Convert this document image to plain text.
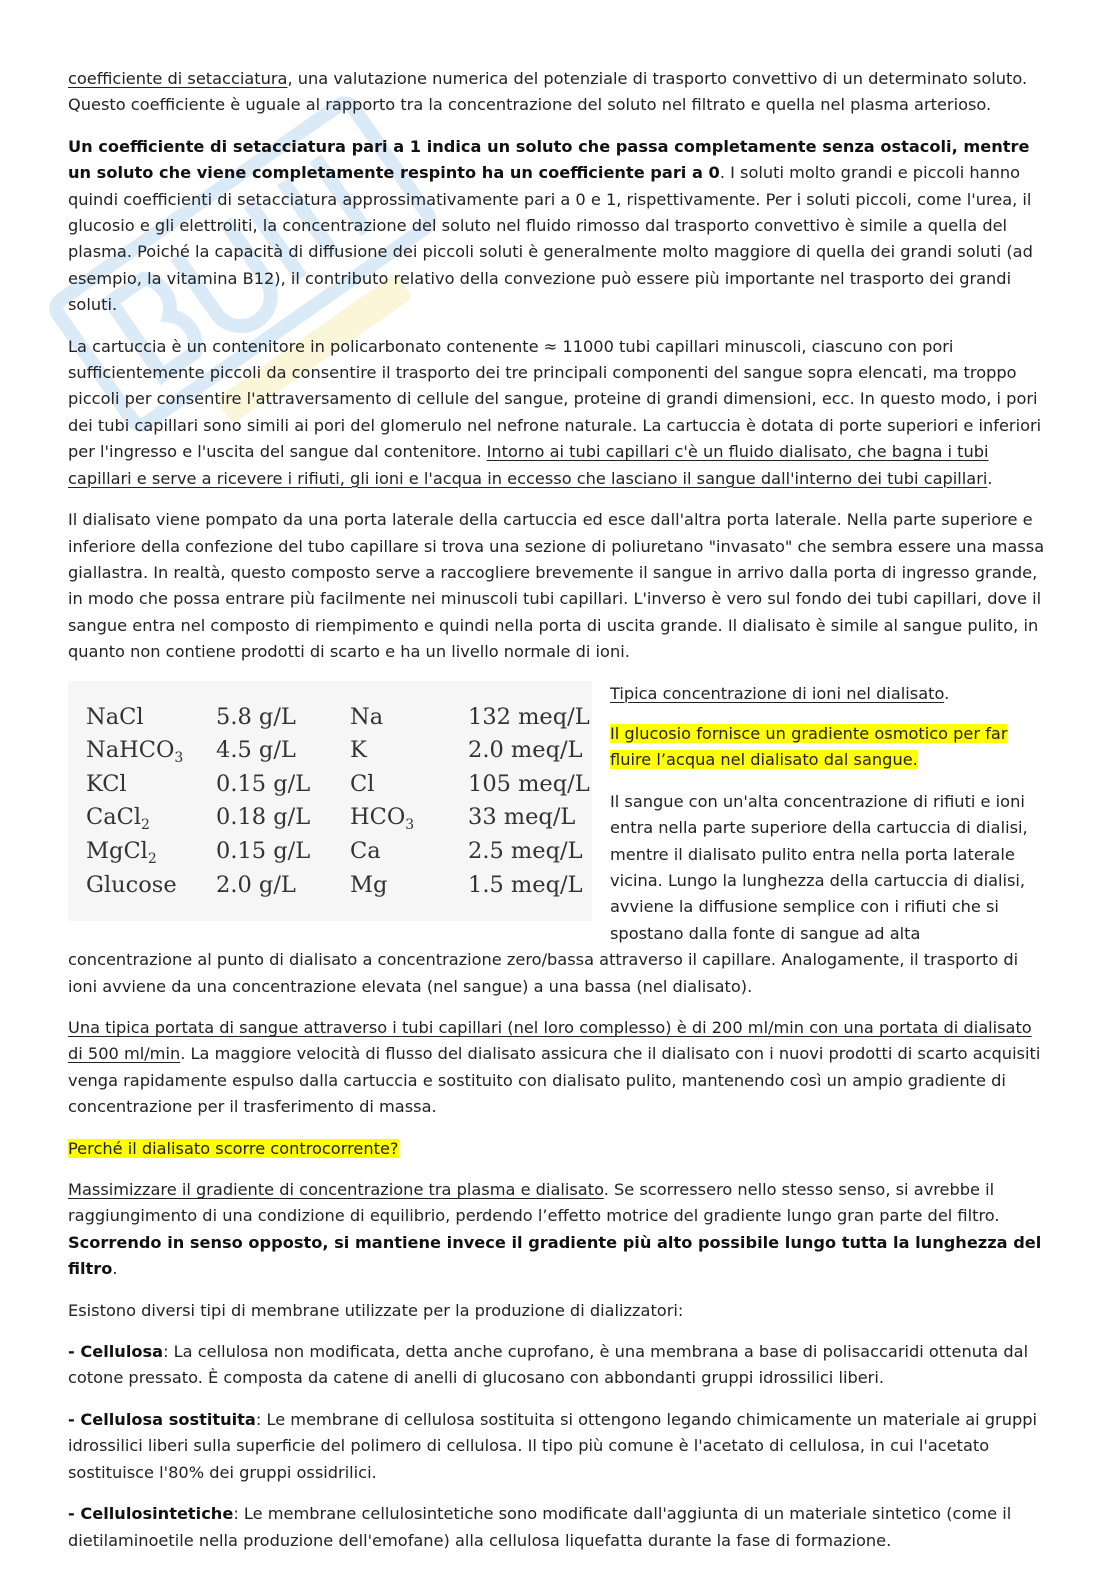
coefficiente di setacciatura, una valutazione numerica del potenziale di trasporto convettivo di un determinato soluto. Questo coefficiente è uguale al rapporto tra la concentrazione del soluto nel filtrato e quella nel plasma arterioso.

Un coefficiente di setacciatura pari a 1 indica un soluto che passa completamente senza ostacoli, mentre un soluto che viene completamente respinto ha un coefficiente pari a 0. I soluti molto grandi e piccoli hanno quindi coefficienti di setacciatura approssimativamente pari a 0 e 1, rispettivamente. Per i soluti piccoli, come l'urea, il glucosio e gli elettroliti, la concentrazione del soluto nel fluido rimosso dal trasporto convettivo è simile a quella del plasma. Poiché la capacità di diffusione dei piccoli soluti è generalmente molto maggiore di quella dei grandi soluti (ad esempio, la vitamina B12), il contributo relativo della convezione può essere più importante nel trasporto dei grandi soluti.

La cartuccia è un contenitore in policarbonato contenente ≈ 11000 tubi capillari minuscoli, ciascuno con pori sufficientemente piccoli da consentire il trasporto dei tre principali componenti del sangue sopra elencati, ma troppo piccoli per consentire l'attraversamento di cellule del sangue, proteine di grandi dimensioni, ecc. In questo modo, i pori dei tubi capillari sono simili ai pori del glomerulo nel nefrone naturale. La cartuccia è dotata di porte superiori e inferiori per l'ingresso e l'uscita del sangue dal contenitore. Intorno ai tubi capillari c'è un fluido dialisato, che bagna i tubi capillari e serve a ricevere i rifiuti, gli ioni e l'acqua in eccesso che lasciano il sangue dall'interno dei tubi capillari.

Il dialisato viene pompato da una porta laterale della cartuccia ed esce dall'altra porta laterale. Nella parte superiore e inferiore della confezione del tubo capillare si trova una sezione di poliuretano "invasato" che sembra essere una massa giallastra. In realtà, questo composto serve a raccogliere brevemente il sangue in arrivo dalla porta di ingresso grande, in modo che possa entrare più facilmente nei minuscoli tubi capillari. L'inverso è vero sul fondo dei tubi capillari, dove il sangue entra nel composto di riempimento e quindi nella porta di uscita grande. Il dialisato è simile al sangue pulito, in quanto non contiene prodotti di scarto e ha un livello normale di ioni.

NaCl	5.8 g/L	Na	132 meq/L
NaHCO$_3$	4.5 g/L	K	2.0 meq/L
KCl	0.15 g/L	Cl	105 meq/L
CaCl$_2$	0.18 g/L	$HCO_3$	33 meq/L
MgCl$_2$	0.15 g/L	Ca	2.5 meq/L
Glucose	2.0 g/L	Mg	1.5 meq/L

Tipica concentrazione di ioni nel dialisato.

Il glucosio fornisce un gradiente osmotico per far fluire l’acqua nel dialisato dal sangue.

Il sangue con un'alta concentrazione di rifiuti e ioni entra nella parte superiore della cartuccia di dialisi, mentre il dialisato pulito entra nella porta laterale vicina. Lungo la lunghezza della cartuccia di dialisi, avviene la diffusione semplice con i rifiuti che si spostano dalla fonte di sangue ad alta concentrazione al punto di dialisato a concentrazione zero/bassa attraverso il capillare. Analogamente, il trasporto di ioni avviene da una concentrazione elevata (nel sangue) a una bassa (nel dialisato).

Una tipica portata di sangue attraverso i tubi capillari (nel loro complesso) è di 200 ml/min con una portata di dialisato di 500 ml/min. La maggiore velocità di flusso del dialisato assicura che il dialisato con i nuovi prodotti di scarto acquisiti venga rapidamente espulso dalla cartuccia e sostituito con dialisato pulito, mantenendo così un ampio gradiente di concentrazione per il trasferimento di massa.

Perché il dialisato scorre controcorrente?

Massimizzare il gradiente di concentrazione tra plasma e dialisato. Se scorressero nello stesso senso, si avrebbe il raggiungimento di una condizione di equilibrio, perdendo l’effetto motrice del gradiente lungo gran parte del filtro. Scorrendo in senso opposto, si mantiene invece il gradiente più alto possibile lungo tutta la lunghezza del filtro.

Esistono diversi tipi di membrane utilizzate per la produzione di dializzatori:

- Cellulosa: La cellulosa non modificata, detta anche cuprofano, è una membrana a base di polisaccaridi ottenuta dal cotone pressato. È composta da catene di anelli di glucosano con abbondanti gruppi idrossilici liberi.

- Cellulosa sostituita: Le membrane di cellulosa sostituita si ottengono legando chimicamente un materiale ai gruppi idrossilici liberi sulla superficie del polimero di cellulosa. Il tipo più comune è l'acetato di cellulosa, in cui l'acetato sostituisce l'80% dei gruppi ossidrilici.

- Cellulosintetiche: Le membrane cellulosintetiche sono modificate dall'aggiunta di un materiale sintetico (come il dietilaminoetile nella produzione dell'emofane) alla cellulosa liquefatta durante la fase di formazione.
